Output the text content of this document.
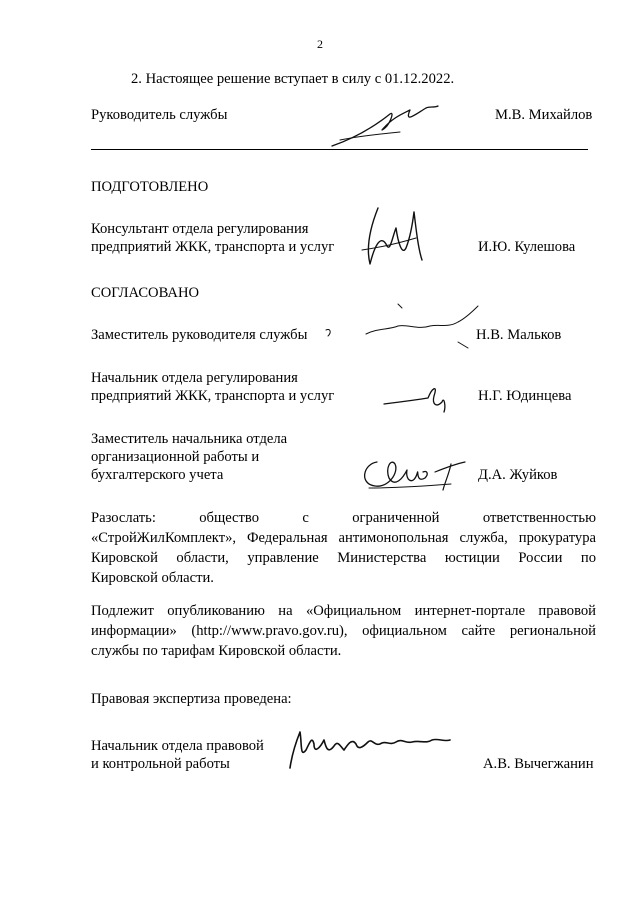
2
2. Настоящее решение вступает в силу с 01.12.2022.
Руководитель службы	М.В. Михайлов
ПОДГОТОВЛЕНО
Консультант отдела регулирования
предприятий ЖКК, транспорта и услуг	И.Ю. Кулешова
СОГЛАСОВАНО
Заместитель руководителя службы	Н.В. Мальков
Начальник отдела регулирования
предприятий ЖКК, транспорта и услуг	Н.Г. Юдинцева
Заместитель начальника отдела
организационной работы и
бухгалтерского учета	Д.А. Жуйков
Разослать: общество с ограниченной ответственностью
«СтройЖилКомплект», Федеральная антимонопольная служба, прокуратура
Кировской области, управление Министерства юстиции России по
Кировской области.
Подлежит опубликованию на «Официальном интернет-портале правовой
информации» (http://www.pravo.gov.ru), официальном сайте региональной
службы по тарифам Кировской области.
Правовая экспертиза проведена:
Начальник отдела правовой
и контрольной работы	А.В. Вычегжанин
